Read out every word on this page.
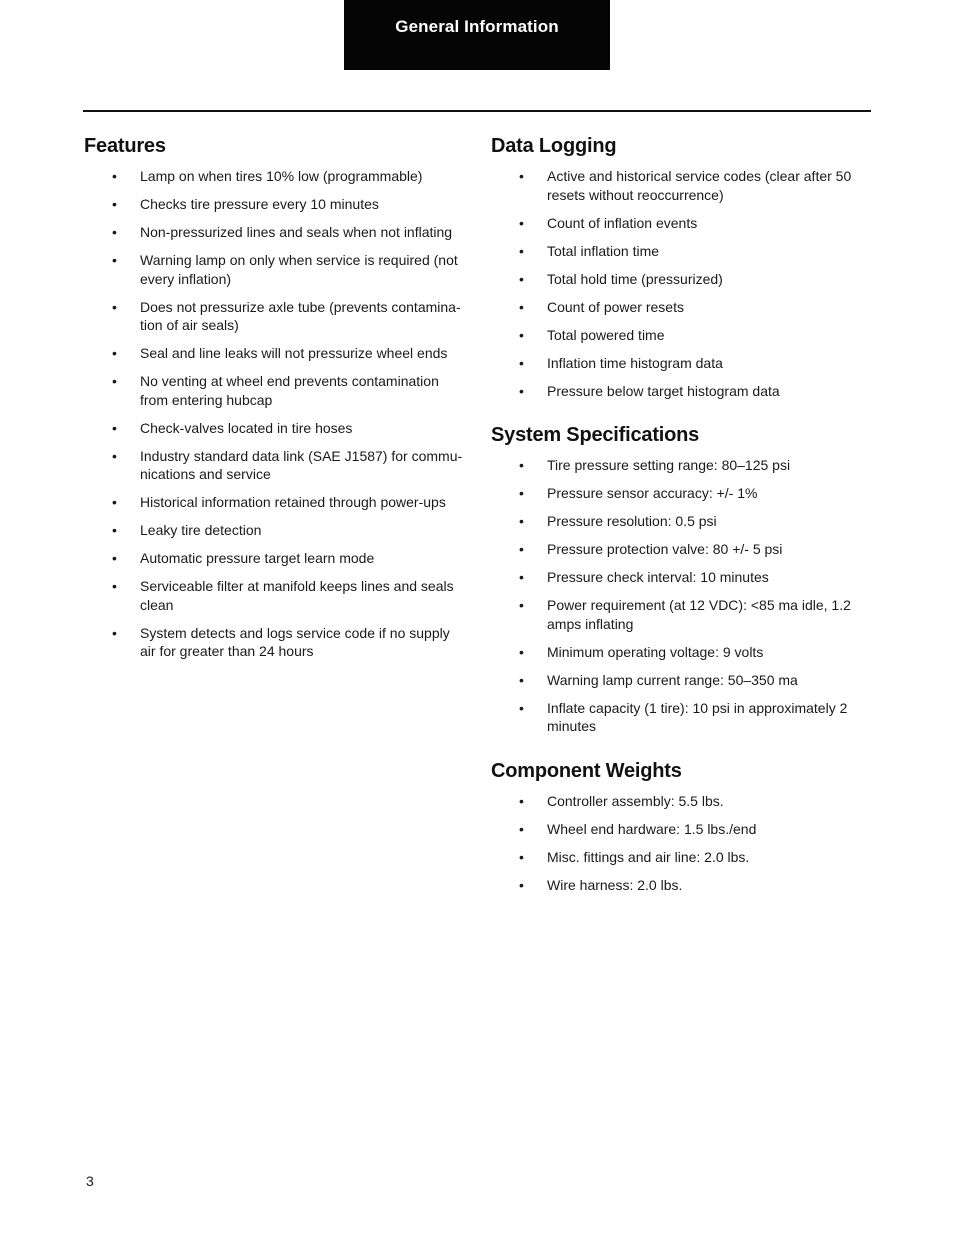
General Information
Features
• Lamp on when tires 10% low (programmable)
• Checks tire pressure every 10 minutes
• Non-pressurized lines and seals when not inflating
• Warning lamp on only when service is required (not every inflation)
• Does not pressurize axle tube (prevents contamina-tion of air seals)
• Seal and line leaks will not pressurize wheel ends
• No venting at wheel end prevents contamination from entering hubcap
• Check-valves located in tire hoses
• Industry standard data link (SAE J1587) for commu-nications and service
• Historical information retained through power-ups
• Leaky tire detection
• Automatic pressure target learn mode
• Serviceable filter at manifold keeps lines and seals clean
• System detects and logs service code if no supply air for greater than 24 hours
Data Logging
• Active and historical service codes (clear after 50 resets without reoccurrence)
• Count of inflation events
• Total inflation time
• Total hold time (pressurized)
• Count of power resets
• Total powered time
• Inflation time histogram data
• Pressure below target histogram data
System Specifications
• Tire pressure setting range: 80–125 psi
• Pressure sensor accuracy: +/- 1%
• Pressure resolution: 0.5 psi
• Pressure protection valve: 80 +/- 5 psi
• Pressure check interval: 10 minutes
• Power requirement (at 12 VDC): <85 ma idle, 1.2 amps inflating
• Minimum operating voltage: 9 volts
• Warning lamp current range: 50–350 ma
• Inflate capacity (1 tire): 10 psi in approximately 2 minutes
Component Weights
• Controller assembly: 5.5 lbs.
• Wheel end hardware: 1.5 lbs./end
• Misc. fittings and air line: 2.0 lbs.
• Wire harness: 2.0 lbs.
3
